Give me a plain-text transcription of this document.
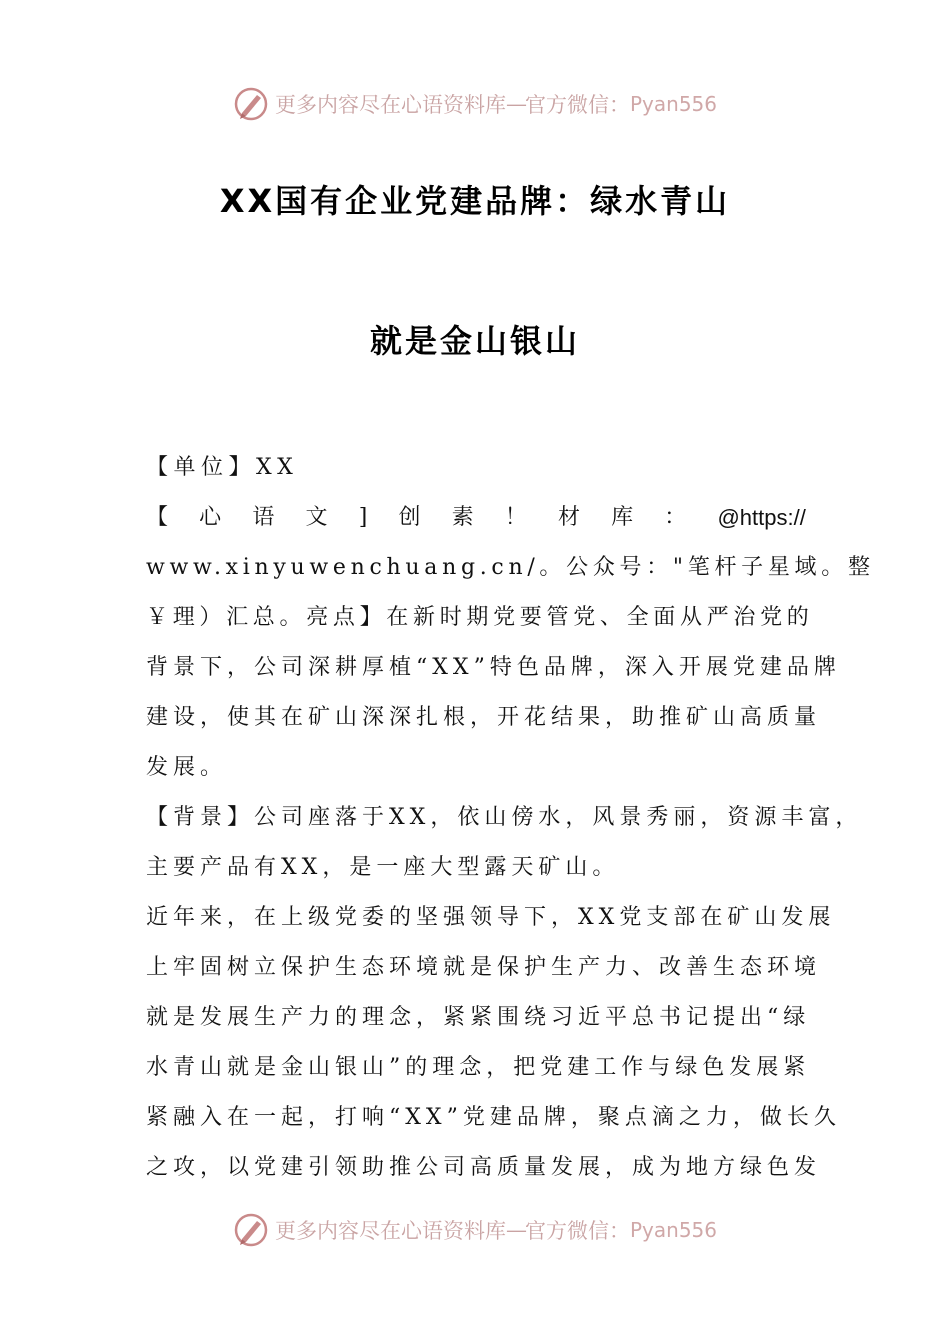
更多内容尽在心语资料库 — 官方微信： Pyan556
XX国有企业党建品牌：绿水青山
就是金山银山
【单位】XX
【 心 语 文 ] 创 素 ！ 材 库 ： @https://
www.xinyuwenchuang.cn/。公众号："笔杆子星域。整
￥理）汇总。亮点】在新时期党要管党、全面从严治党的
背景下，公司深耕厚植“XX”特色品牌，深入开展党建品牌
建设，使其在矿山深深扎根，开花结果，助推矿山高质量
发展。
【背景】公司座落于XX，依山傍水，风景秀丽，资源丰富，
主要产品有XX，是一座大型露天矿山。
近年来，在上级党委的坚强领导下，XX党支部在矿山发展
上牢固树立保护生态环境就是保护生产力、改善生态环境
就是发展生产力的理念，紧紧围绕习近平总书记提出“绿
水青山就是金山银山”的理念，把党建工作与绿色发展紧
紧融入在一起，打响“XX”党建品牌，聚点滴之力，做长久
之攻，以党建引领助推公司高质量发展，成为地方绿色发
更多内容尽在心语资料库 — 官方微信： Pyan556
